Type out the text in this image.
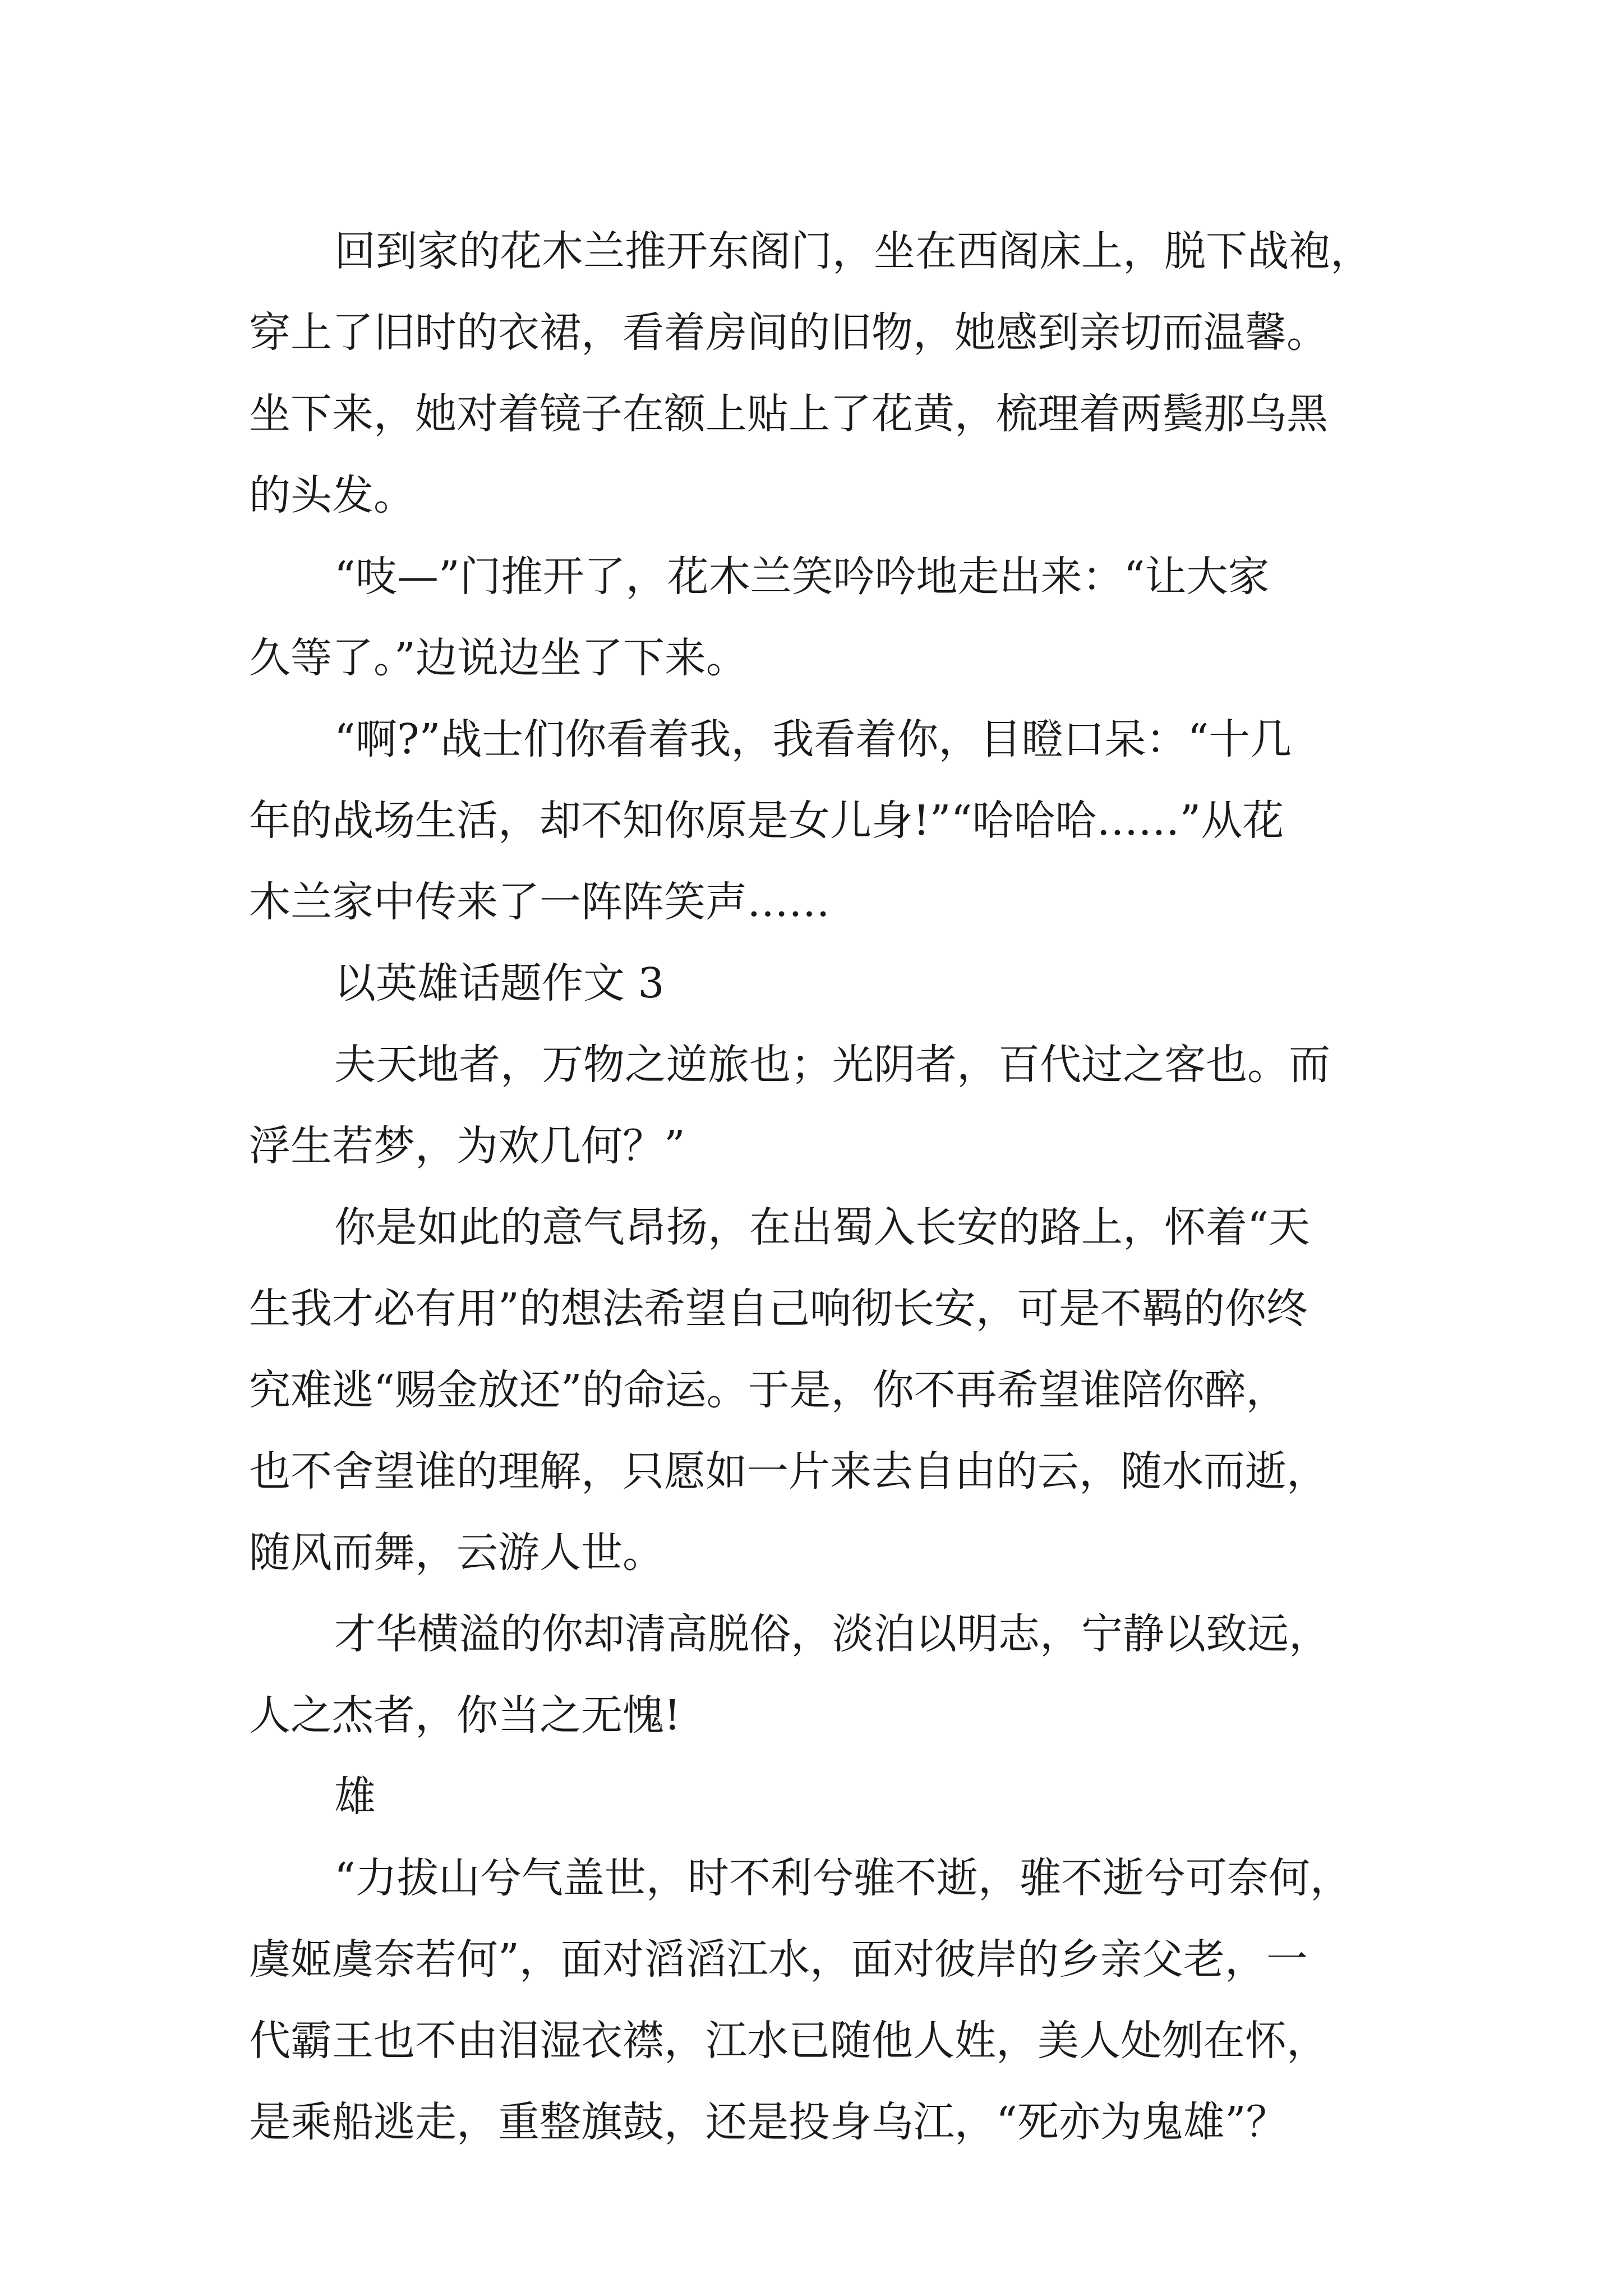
回到家的花木兰推开东阁门，坐在西阁床上，脱下战袍，
穿上了旧时的衣裙，看着房间的旧物，她感到亲切而温馨。
坐下来，她对着镜子在额上贴上了花黄，梳理着两鬓那乌黑
的头发。
“吱—”门推开了，花木兰笑吟吟地走出来：“让大家
久等了。”边说边坐了下来。
“啊?”战士们你看着我，我看着你，目瞪口呆：“十几
年的战场生活，却不知你原是女儿身!”“哈哈哈……”从花
木兰家中传来了一阵阵笑声……
以英雄话题作文 3
夫天地者，万物之逆旅也；光阴者，百代过之客也。而
浮生若梦，为欢几何？”
你是如此的意气昂扬，在出蜀入长安的路上，怀着“天
生我才必有用”的想法希望自己响彻长安，可是不羁的你终
究难逃“赐金放还”的命运。于是，你不再希望谁陪你醉，
也不舍望谁的理解，只愿如一片来去自由的云，随水而逝，
随风而舞，云游人世。
才华横溢的你却清高脱俗，淡泊以明志，宁静以致远，
人之杰者，你当之无愧!
雄
“力拔山兮气盖世，时不利兮骓不逝，骓不逝兮可奈何，
虞姬虞奈若何”，面对滔滔江水，面对彼岸的乡亲父老，一
代霸王也不由泪湿衣襟，江水已随他人姓，美人处刎在怀，
是乘船逃走，重整旗鼓，还是投身乌江，“死亦为鬼雄”？
